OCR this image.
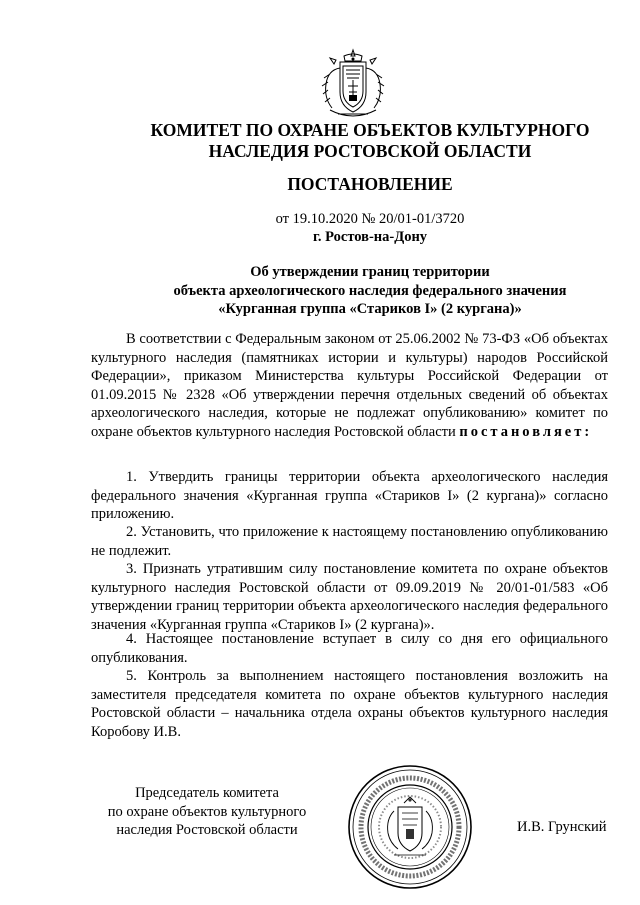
КОМИТЕТ ПО ОХРАНЕ ОБЪЕКТОВ КУЛЬТУРНОГО
НАСЛЕДИЯ РОСТОВСКОЙ ОБЛАСТИ
ПОСТАНОВЛЕНИЕ
от 19.10.2020 № 20/01-01/3720
г. Ростов-на-Дону
Об утверждении границ территории
объекта археологического наследия федерального значения
«Курганная группа «Стариков I» (2 кургана)»
В соответствии с Федеральным законом от 25.06.2002 № 73-ФЗ «Об объектах культурного наследия (памятниках истории и культуры) народов Российской Федерации», приказом Министерства культуры Российской Федерации от 01.09.2015 № 2328 «Об утверждении перечня отдельных сведений об объектах археологического наследия, которые не подлежат опубликованию» комитет по охране объектов культурного наследия Ростовской области постановляет:
1. Утвердить границы территории объекта археологического наследия федерального значения «Курганная группа «Стариков I» (2 кургана)» согласно приложению.
2. Установить, что приложение к настоящему постановлению опубликованию не подлежит.
3. Признать утратившим силу постановление комитета по охране объектов культурного наследия Ростовской области от 09.09.2019 № 20/01-01/583 «Об утверждении границ территории объекта археологического наследия федерального значения «Курганная группа «Стариков I» (2 кургана)».
4. Настоящее постановление вступает в силу со дня его официального опубликования.
5. Контроль за выполнением настоящего постановления возложить на заместителя председателя комитета по охране объектов культурного наследия Ростовской области – начальника отдела охраны объектов культурного наследия Коробову И.В.
Председатель комитета
по охране объектов культурного
наследия Ростовской области	И.В. Грунский
